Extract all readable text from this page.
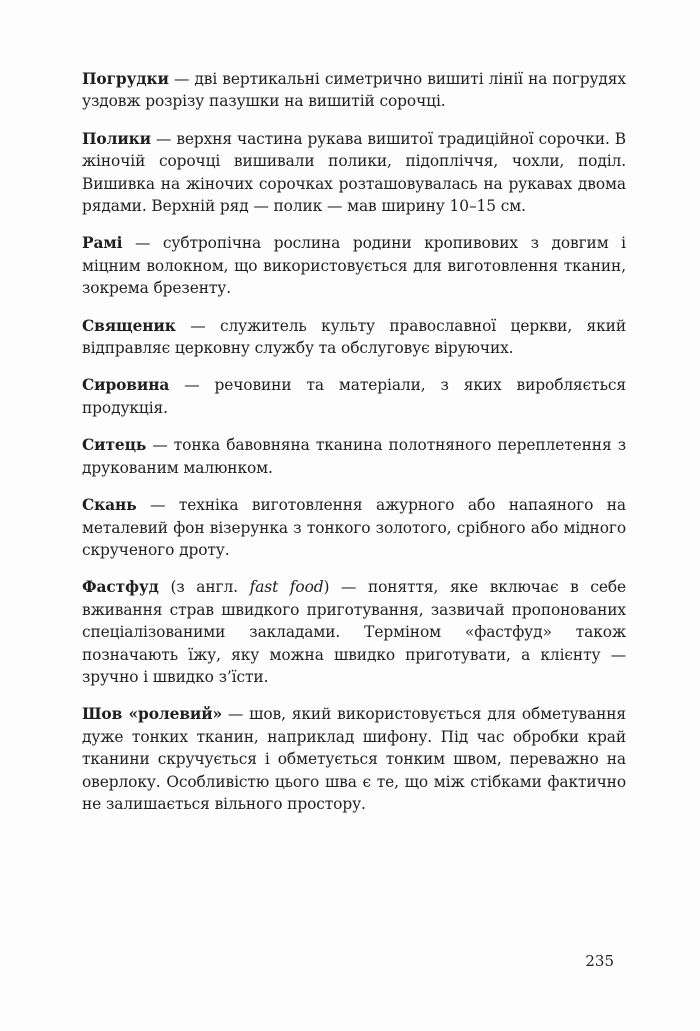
Погрудки — дві вертикальні симетрично вишиті лінії на погрудях уздовж розрізу пазушки на вишитій сорочці.

Полики — верхня частина рукава вишитої традиційної сорочки. В жіночій сорочці вишивали полики, підопліччя, чохли, поділ. Вишивка на жіночих сорочках розташовувалась на рукавах двома рядами. Верхній ряд — полик — мав ширину 10–15 см.

Рамі — субтропічна рослина родини кропивових з довгим і міцним волокном, що використовується для виготовлення тканин, зокрема брезенту.

Священик — служитель культу православної церкви, який відправляє церковну службу та обслуговує віруючих.

Сировина — речовини та матеріали, з яких виробляється продукція.

Ситець — тонка бавовняна тканина полотняного переплетення з друкованим малюнком.

Скань — техніка виготовлення ажурного або напаяного на металевий фон візерунка з тонкого золотого, срібного або мідного скрученого дроту.

Фастфуд (з англ. fast food) — поняття, яке включає в себе вживання страв швидкого приготування, зазвичай пропонованих спеціалізованими закладами. Терміном «фастфуд» також позначають їжу, яку можна швидко приготувати, а клієнту — зручно і швидко з’їсти.

Шов «ролевий» — шов, який використовується для обметування дуже тонких тканин, наприклад шифону. Під час обробки край тканини скручується і обметується тонким швом, переважно на оверлоку. Особливістю цього шва є те, що між стібками фактично не залишається вільного простору.

235
